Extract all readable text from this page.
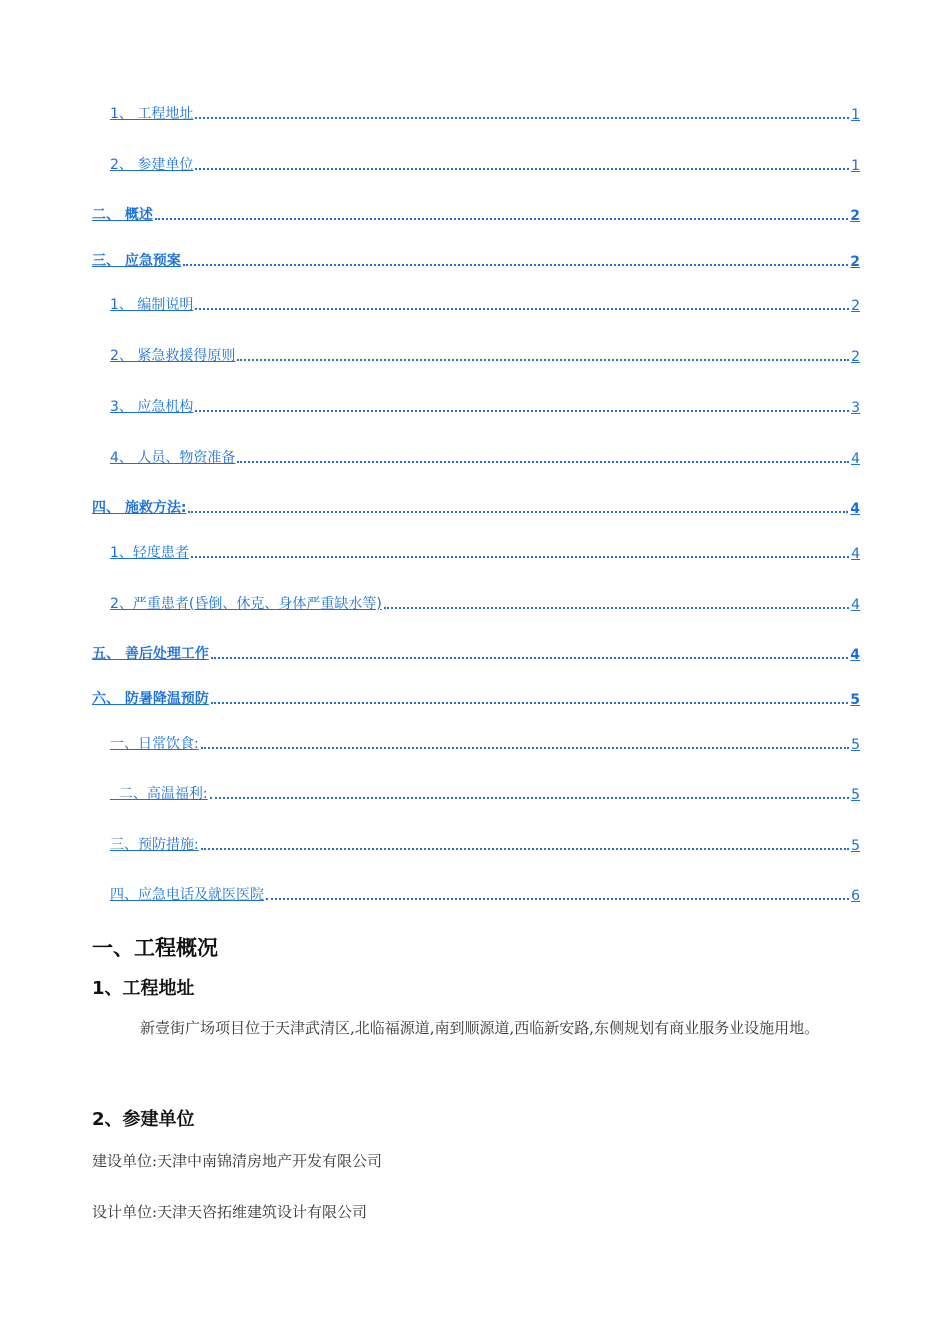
1、 工程地址	1
2、 参建单位	1
二、 概述	2
三、 应急预案	2
1、 编制说明	2
2、 紧急救援得原则	2
3、 应急机构	3
4、 人员、物资准备	4
四、 施救方法:	4
1、轻度患者	4
2、严重患者(昏倒、休克、身体严重缺水等)	4
五、 善后处理工作	4
六、 防暑降温预防	5
一、日常饮食:	5
二、高温福利:	5
三、预防措施:	5
四、应急电话及就医医院	6
一、工程概况
1、工程地址
新壹街广场项目位于天津武清区,北临福源道,南到顺源道,西临新安路,东侧规划有商业服务业设施用地。
2、参建单位
建设单位:天津中南锦清房地产开发有限公司
设计单位:天津天咨拓维建筑设计有限公司
